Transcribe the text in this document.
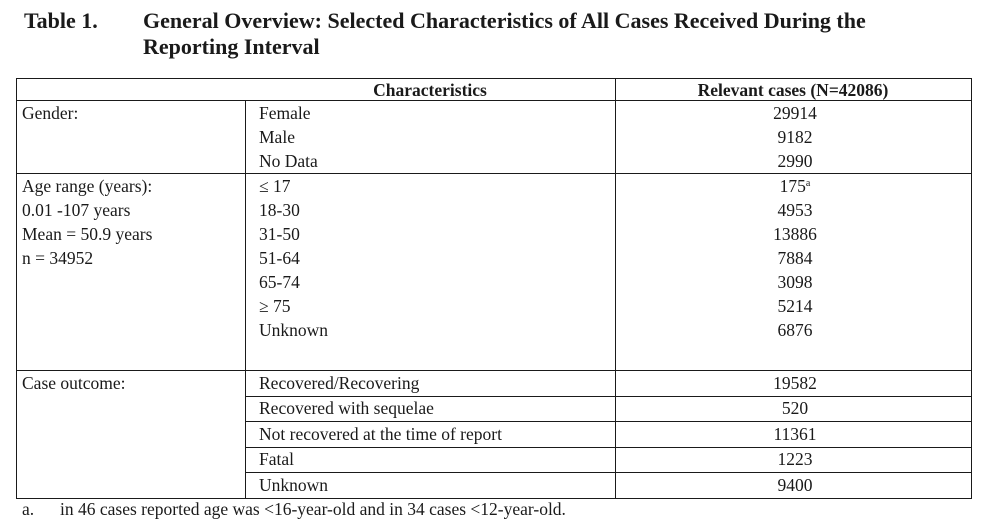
Table 1. General Overview: Selected Characteristics of All Cases Received During the Reporting Interval
Characteristics	Relevant cases (N=42086)
Gender:	Female	29914
Male	9182
No Data	2990
Age range (years):
0.01 -107 years
Mean = 50.9 years
n = 34952
≤ 17	175$^a$
18-30	4953
31-50	13886
51-64	7884
65-74	3098
≥ 75	5214
Unknown	6876
Case outcome:	Recovered/Recovering	19582
Recovered with sequelae	520
Not recovered at the time of report	11361
Fatal	1223
Unknown	9400
a. in 46 cases reported age was <16-year-old and in 34 cases <12-year-old.
